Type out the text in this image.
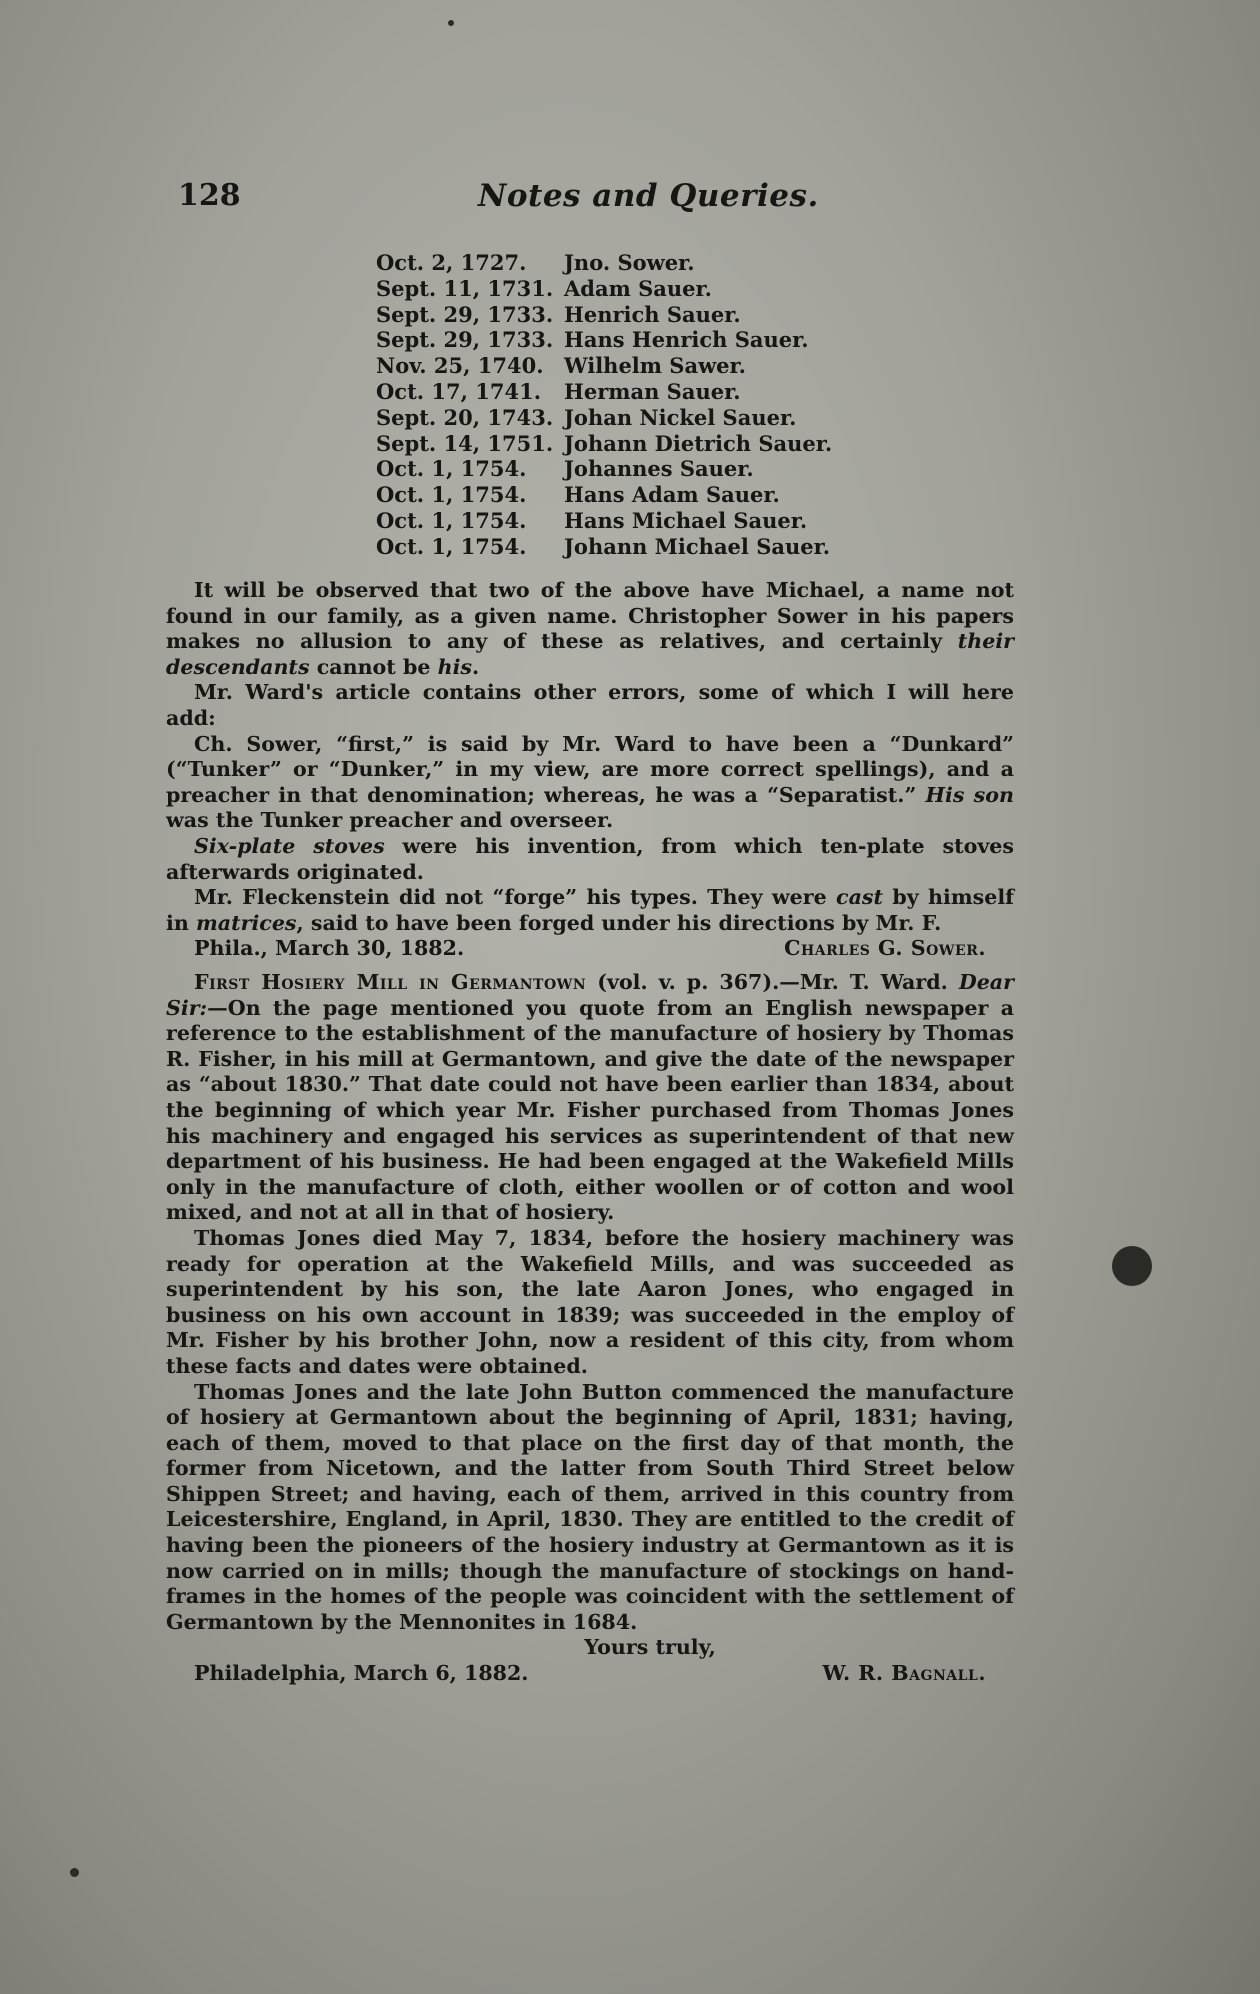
128	Notes and Queries.
Oct. 2, 1727.	Jno. Sower.
Sept. 11, 1731. Adam Sauer.
Sept. 29, 1733. Henrich Sauer.
Sept. 29, 1733. Hans Henrich Sauer.
Nov. 25, 1740. Wilhelm Sawer.
Oct. 17, 1741.	Herman Sauer.
Sept. 20, 1743. Johan Nickel Sauer.
Sept. 14, 1751. Johann Dietrich Sauer.
Oct. 1, 1754.	Johannes Sauer.
Oct. 1, 1754.	Hans Adam Sauer.
Oct. 1, 1754.	Hans Michael Sauer.
Oct. 1, 1754.	Johann Michael Sauer.

It will be observed that two of the above have Michael, a name not found in our family, as a given name. Christopher Sower in his papers makes no allusion to any of these as relatives, and certainly their descendants cannot be his.

Mr. Ward's article contains other errors, some of which I will here add:

Ch. Sower, “first,” is said by Mr. Ward to have been a “Dunkard” (“Tunker” or “Dunker,” in my view, are more correct spellings), and a preacher in that denomination; whereas, he was a “Separatist.” His son was the Tunker preacher and overseer.

Six-plate stoves were his invention, from which ten-plate stoves afterwards originated.

Mr. Fleckenstein did not “forge” his types. They were cast by himself in matrices, said to have been forged under his directions by Mr. F.

Phila., March 30, 1882.	Charles G. Sower.

First Hosiery Mill in Germantown (vol. v. p. 367).—Mr. T. Ward. Dear Sir:—On the page mentioned you quote from an English newspaper a reference to the establishment of the manufacture of hosiery by Thomas R. Fisher, in his mill at Germantown, and give the date of the newspaper as “about 1830.” That date could not have been earlier than 1834, about the beginning of which year Mr. Fisher purchased from Thomas Jones his machinery and engaged his services as superintendent of that new department of his business. He had been engaged at the Wakefield Mills only in the manufacture of cloth, either woollen or of cotton and wool mixed, and not at all in that of hosiery.

Thomas Jones died May 7, 1834, before the hosiery machinery was ready for operation at the Wakefield Mills, and was succeeded as superintendent by his son, the late Aaron Jones, who engaged in business on his own account in 1839; was succeeded in the employ of Mr. Fisher by his brother John, now a resident of this city, from whom these facts and dates were obtained.

Thomas Jones and the late John Button commenced the manufacture of hosiery at Germantown about the beginning of April, 1831; having, each of them, moved to that place on the first day of that month, the former from Nicetown, and the latter from South Third Street below Shippen Street; and having, each of them, arrived in this country from Leicestershire, England, in April, 1830. They are entitled to the credit of having been the pioneers of the hosiery industry at Germantown as it is now carried on in mills; though the manufacture of stockings on hand-frames in the homes of the people was coincident with the settlement of Germantown by the Mennonites in 1684.

Yours truly,
Philadelphia, March 6, 1882.	W. R. Bagnall.
